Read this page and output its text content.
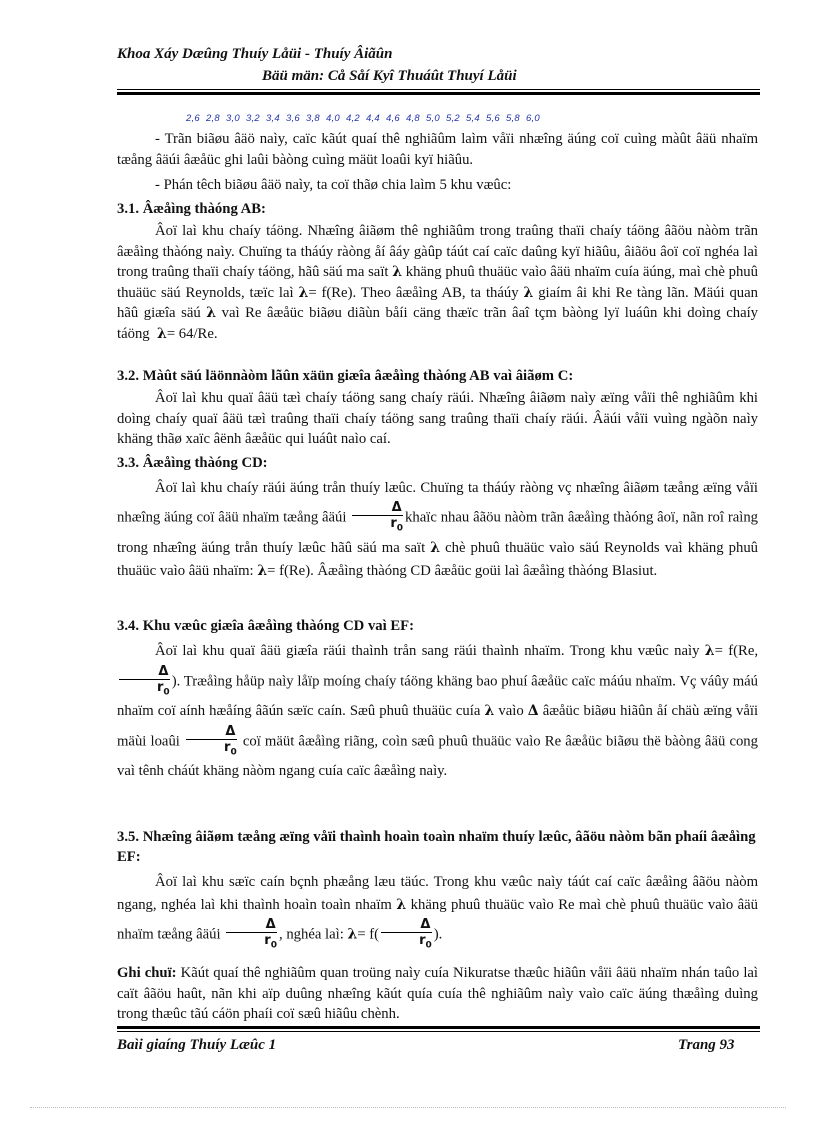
Khoa Xáy Dæûng Thuíy Låüi - Thuíy Âiãûn
Bäü män: Cå Såí Kyî Thuáût Thuyí Låüi
2,6 2,8 3,0 3,2 3,4 3,6 3,8 4,0 4,2 4,4 4,6 4,8 5,0 5,2 5,4 5,6 5,8 6,0
- Trãn biãøu âäö naìy, caïc kãút quaí thê nghiãûm laìm våïi nhæîng äúng coï cuìng màût âäü nhaïm tæång âäúi âæåüc ghi laûi bàòng cuìng mäüt loaûi kyï hiãûu.
- Phán têch biãøu âäö naìy, ta coï thãø chia laìm 5 khu væûc:
3.1. Âæåìng thàóng AB:
Âoï laì khu chaíy táöng. Nhæîng âiãøm thê nghiãûm trong traûng thaïi chaíy táöng âãöu nàòm trãn âæåìng thàóng naìy. Chuïng ta tháúy ràòng åí âáy gàûp táút caí caïc daûng kyï hiãûu, âiãöu âoï coï nghéa laì trong traûng thaïi chaíy táöng, hãû säú ma saït λ khäng phuû thuäüc vaìo âäü nhaïm cuía äúng, maì chè phuû thuäüc säú Reynolds, tæïc laì λ= f(Re). Theo âæåìng AB, ta tháúy λ giaím âi khi Re tàng lãn. Mäúi quan hãû giæîa säú λ vaì Re âæåüc biãøu diãùn båíi cäng thæïc trãn âaî tçm bàòng lyï luáûn khi doìng chaíy táöng λ= 64/Re.
3.2. Màût säú läönnàòm lãûn xäün giæîa âæåìng thàóng AB vaì âiãøm C:
Âoï laì khu quaï âäü tæì chaíy táöng sang chaíy räúi. Nhæîng âiãøm naìy æïng våïi thê nghiãûm khi doìng chaíy quaï âäü tæì traûng thaïi chaíy táöng sang traûng thaïi chaíy räúi. Âäúi våïi vuìng ngàõn naìy khäng thãø xaïc âënh âæåüc qui luáût naìo caí.
3.3. Âæåìng thàóng CD:
Âoï laì khu chaíy räúi äúng trån thuíy læûc. Chuïng ta tháúy ràòng vç nhæîng âiãøm tæång æïng våïi nhæîng äúng coï âäü nhaïm tæång âäúi $\frac{\Delta}{r_0}$ khaïc nhau âãöu nàòm trãn âæåìng thàóng âoï, nãn roî raìng trong nhæîng äúng trån thuíy læûc hãû säú ma saït λ chè phuû thuäüc vaìo säú Reynolds vaì khäng phuû thuäüc vaìo âäü nhaïm: λ= f(Re). Âæåìng thàóng CD âæåüc goüi laì âæåìng thàóng Blasiut.
3.4. Khu væûc giæîa âæåìng thàóng CD vaì EF:
Âoï laì khu quaï âäü giæîa räúi thaình trån sang räúi thaình nhaïm. Trong khu væûc naìy λ= f(Re,
$\frac{\Delta}{r_0}$ ). Træåìng håüp naìy låïp moíng chaíy táöng khäng bao phuí âæåüc caïc máúu nhaïm. Vç váûy máú nhaïm coï aính hæåíng âãún sæïc caín. Sæû phuû thuäüc cuía λ vaìo Δ âæåüc biãøu hiãûn åí chäù æïng våïi mäùi loaûi $\frac{\Delta}{r_0}$ coï mäüt âæåìng riãng, coìn sæû phuû thuäüc vaìo Re âæåüc biãøu thë bàòng âäü cong vaì tênh cháút khäng nàòm ngang cuía caïc âæåìng naìy.
3.5. Nhæîng âiãøm tæång æïng våïi thaình hoaìn toaìn nhaïm thuíy læûc, âãöu nàòm bãn phaíi âæåìng EF:
Âoï laì khu sæïc caín bçnh phæång læu täúc. Trong khu væûc naìy táút caí caïc âæåìng âãöu nàòm ngang, nghéa laì khi thaình hoaìn toaìn nhaïm λ khäng phuû thuäüc vaìo Re maì chè phuû thuäüc vaìo âäü nhaïm tæång âäúi $\frac{\Delta}{r_0}$ , nghéa laì: $\lambda= f( \frac{\Delta}{r_0}$ ).
Ghi chuï: Kãút quaí thê nghiãûm quan troüng naìy cuía Nikuratse thæûc hiãûn våïi âäü nhaïm nhán taûo laì caït âãöu haût, nãn khi aïp duûng nhæîng kãút quía cuía thê nghiãûm naìy vaìo caïc äúng thæåìng duìng trong thæûc tãú cáön phaíi coï sæû hiãûu chènh.
Baìi giaíng Thuíy Læûc 1	Trang 93
